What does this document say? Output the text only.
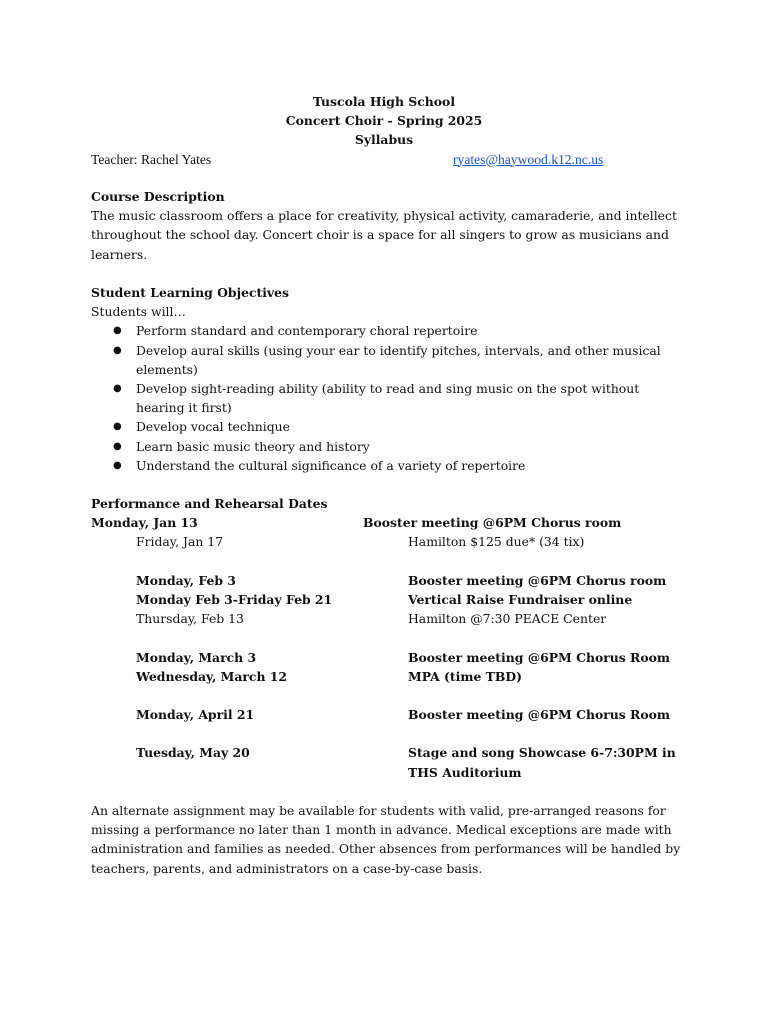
Tuscola High School
Concert Choir - Spring 2025
Syllabus
Teacher: Rachel Yates	ryates@haywood.k12.nc.us
Course Description

The music classroom offers a place for creativity, physical activity, camaraderie, and intellect throughout the school day. Concert choir is a space for all singers to grow as musicians and learners.

Student Learning Objectives
Students will…
● Perform standard and contemporary choral repertoire
● Develop aural skills (using your ear to identify pitches, intervals, and other musical elements)
● Develop sight-reading ability (ability to read and sing music on the spot without hearing it first)
● Develop vocal technique
● Learn basic music theory and history
● Understand the cultural significance of a variety of repertoire
Performance and Rehearsal Dates
Monday, Jan 13	Booster meeting @6PM Chorus room
Friday, Jan 17	Hamilton $125 due* (34 tix)
Monday, Feb 3	Booster meeting @6PM Chorus room
Monday Feb 3-Friday Feb 21	Vertical Raise Fundraiser online
Thursday, Feb 13	Hamilton @7:30 PEACE Center
Monday, March 3	Booster meeting @6PM Chorus Room
Wednesday, March 12	MPA (time TBD)
Monday, April 21	Booster meeting @6PM Chorus Room
Tuesday, May 20	Stage and song Showcase 6-7:30PM in THS Auditorium

An alternate assignment may be available for students with valid, pre-arranged reasons for missing a performance no later than 1 month in advance. Medical exceptions are made with administration and families as needed. Other absences from performances will be handled by teachers, parents, and administrators on a case-by-case basis.
